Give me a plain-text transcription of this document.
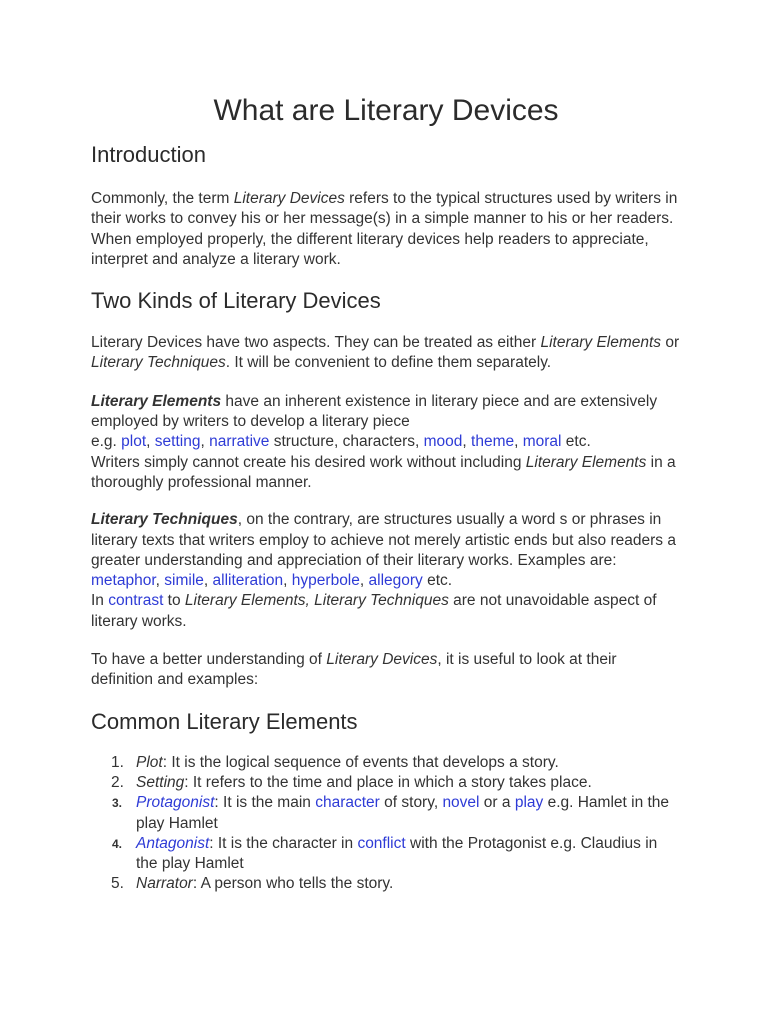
What are Literary Devices
Introduction

Commonly, the term Literary Devices refers to the typical structures used by writers in their works to convey his or her message(s) in a simple manner to his or her readers. When employed properly, the different literary devices help readers to appreciate, interpret and analyze a literary work.

Two Kinds of Literary Devices

Literary Devices have two aspects. They can be treated as either Literary Elements or Literary Techniques. It will be convenient to define them separately.

Literary Elements have an inherent existence in literary piece and are extensively employed by writers to develop a literary piece
e.g. plot, setting, narrative structure, characters, mood, theme, moral etc.
Writers simply cannot create his desired work without including Literary Elements in a thoroughly professional manner.

Literary Techniques, on the contrary, are structures usually a word s or phrases in literary texts that writers employ to achieve not merely artistic ends but also readers a greater understanding and appreciation of their literary works. Examples are: metaphor, simile, alliteration, hyperbole, allegory etc.
In contrast to Literary Elements, Literary Techniques are not unavoidable aspect of literary works.

To have a better understanding of Literary Devices, it is useful to look at their definition and examples:

Common Literary Elements
1. Plot: It is the logical sequence of events that develops a story.
2. Setting: It refers to the time and place in which a story takes place.
3. Protagonist: It is the main character of story, novel or a play e.g. Hamlet in the play Hamlet
4. Antagonist: It is the character in conflict with the Protagonist e.g. Claudius in the play Hamlet
5. Narrator: A person who tells the story.
